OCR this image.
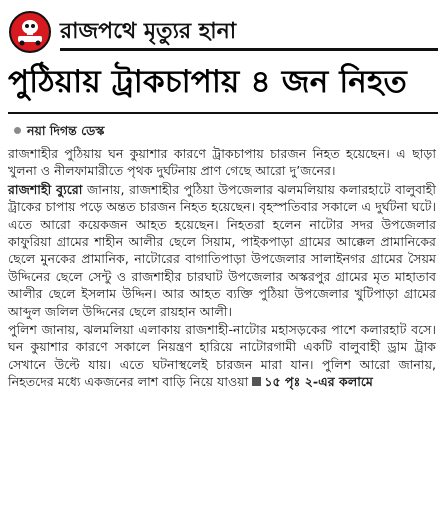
রাজপথে মৃত্যুর হানা
পুঠিয়ায় ট্রাকচাপায় ৪ জন নিহত
নয়া দিগন্ত ডেস্ক

রাজশাহীর পুঠিয়ায় ঘন কুয়াশার কারণে ট্রাকচাপায় চারজন নিহত হয়েছেন। এ ছাড়া খুলনা ও নীলফামারীতে পৃথক দুর্ঘটনায় প্রাণ গেছে আরো দু’জনের।

রাজশাহী ব্যুরো জানায়, রাজশাহীর পুঠিয়া উপজেলার ঝলমলিয়ায় কলারহাটে বালুবাহী ট্রাকের চাপায় পড়ে অন্তত চারজন নিহত হয়েছেন। বৃহস্পতিবার সকালে এ দুর্ঘটনা ঘটে। এতে আরো কয়েকজন আহত হয়েছেন। নিহতরা হলেন নাটোর সদর উপজেলার কাফুরিয়া গ্রামের শাহীন আলীর ছেলে সিয়াম, পাইকপাড়া গ্রামের আক্কেল প্রামানিকের ছেলে মুনকের প্রামানিক, নাটোরের বাগাতিপাড়া উপজেলার সালাইনগর গ্রামের সৈয়ম উদ্দিনের ছেলে সেন্টু ও রাজশাহীর চারঘাট উপজেলার অস্করপুর গ্রামের মৃত মাহাতাব আলীর ছেলে ইসলাম উদ্দিন। আর আহত ব্যক্তি পুঠিয়া উপজেলার খুটিপাড়া গ্রামের আব্দুল জলিল উদ্দিনের ছেলে রায়হান আলী।

পুলিশ জানায়, ঝলমলিয়া এলাকায় রাজশাহী-নাটোর মহাসড়কের পাশে কলারহাট বসে। ঘন কুয়াশার কারণে সকালে নিয়ন্ত্রণ হারিয়ে নাটোরগামী একটি বালুবাহী ড্রাম ট্রাক সেখানে উল্টে যায়। এতে ঘটনাস্থলেই চারজন মারা যান। পুলিশ আরো জানায়, নিহতদের মধ্যে একজনের লাশ বাড়ি নিয়ে যাওয়া ১৫ পৃঃ ২-এর কলামে
